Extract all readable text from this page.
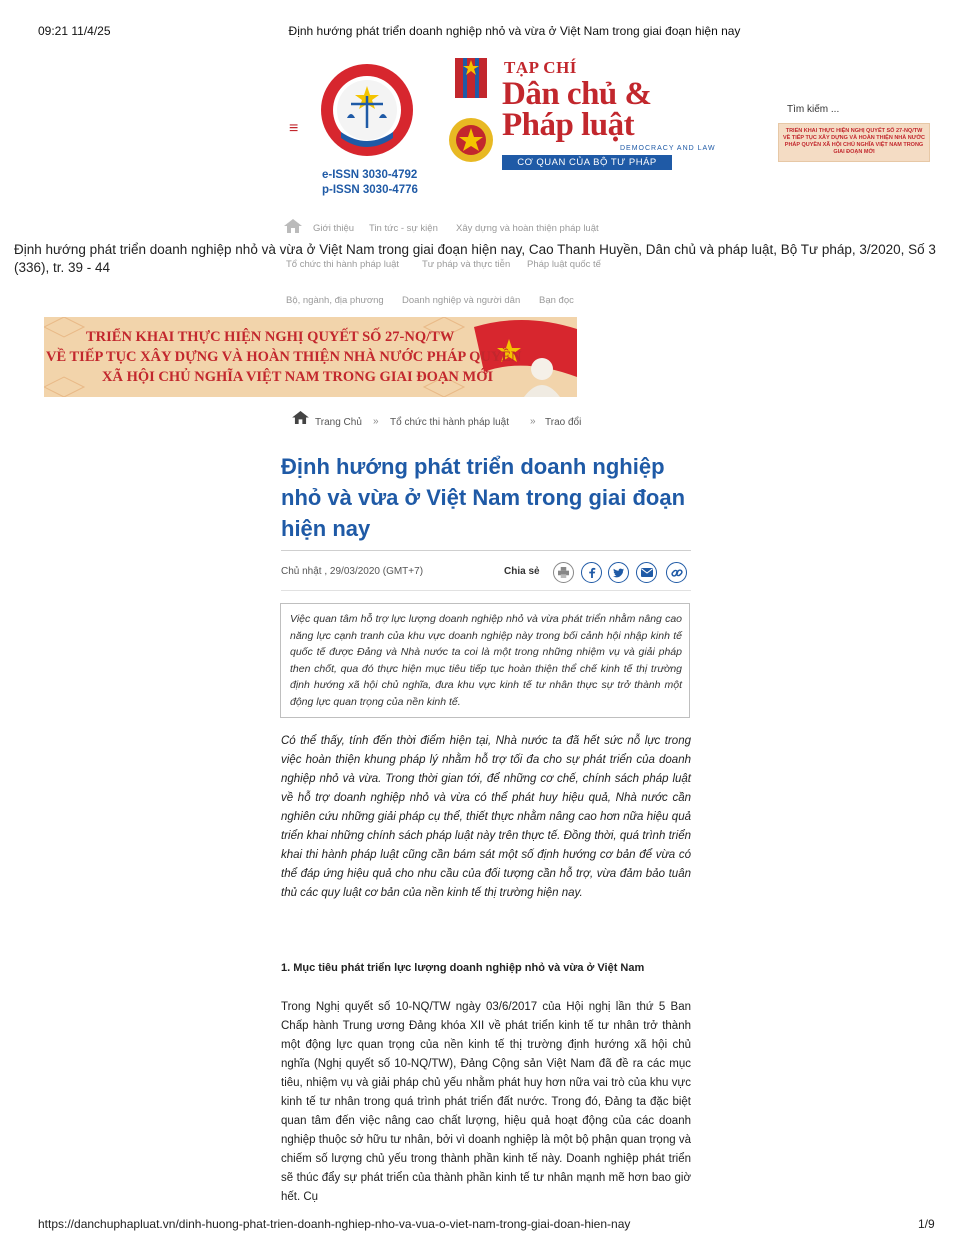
09:21 11/4/25	Định hướng phát triển doanh nghiệp nhỏ và vừa ở Việt Nam trong giai đoạn hiện nay
https://danchuphapluat.vn/dinh-huong-phat-trien-doanh-nghiep-nho-va-vua-o-viet-nam-trong-giai-doan-hien-nay	1/9
≡
e-ISSN 3030-4792
p-ISSN 3030-4776
TẠP CHÍ
Dân chủ &
Pháp luật
DEMOCRACY AND LAW
CƠ QUAN CỦA BỘ TƯ PHÁP
Tìm kiếm ...
TRIỂN KHAI THỰC HIỆN NGHỊ QUYẾT SỐ 27-NQ/TW VỀ TIẾP TỤC XÂY DỰNG VÀ HOÀN THIỆN NHÀ NƯỚC PHÁP QUYỀN XÃ HỘI CHỦ NGHĨA VIỆT NAM TRONG GIAI ĐOẠN MỚI
Giới thiệu Tin tức - sự kiện Xây dựng và hoàn thiện pháp luật
Tổ chức thi hành pháp luật Tư pháp và thực tiễn Pháp luật quốc tế
Bộ, ngành, địa phương Doanh nghiệp và người dân Bạn đọc
Định hướng phát triển doanh nghiệp nhỏ và vừa ở Việt Nam trong giai đoạn hiện nay, Cao Thanh Huyền, Dân chủ và pháp luật, Bộ Tư pháp, 3/2020, Số 3 (336), tr. 39 - 44
TRIỂN KHAI THỰC HIỆN NGHỊ QUYẾT SỐ 27-NQ/TW
VỀ TIẾP TỤC XÂY DỰNG VÀ HOÀN THIỆN NHÀ NƯỚC PHÁP QUYỀN
XÃ HỘI CHỦ NGHĨA VIỆT NAM TRONG GIAI ĐOẠN MỚI
Trang Chủ » Tổ chức thi hành pháp luật » Trao đổi
Định hướng phát triển doanh nghiệp nhỏ và vừa ở Việt Nam trong giai đoạn hiện nay
Chủ nhật , 29/03/2020 (GMT+7)	Chia sẻ
Việc quan tâm hỗ trợ lực lượng doanh nghiệp nhỏ và vừa phát triển nhằm nâng cao năng lực cạnh tranh của khu vực doanh nghiệp này trong bối cảnh hội nhập kinh tế quốc tế được Đảng và Nhà nước ta coi là một trong những nhiệm vụ và giải pháp then chốt, qua đó thực hiện mục tiêu tiếp tục hoàn thiện thể chế kinh tế thị trường định hướng xã hội chủ nghĩa, đưa khu vực kinh tế tư nhân thực sự trở thành một động lực quan trọng của nền kinh tế.
Có thể thấy, tính đến thời điểm hiện tại, Nhà nước ta đã hết sức nỗ lực trong việc hoàn thiện khung pháp lý nhằm hỗ trợ tối đa cho sự phát triển của doanh nghiệp nhỏ và vừa. Trong thời gian tới, để những cơ chế, chính sách pháp luật về hỗ trợ doanh nghiệp nhỏ và vừa có thể phát huy hiệu quả, Nhà nước cần nghiên cứu những giải pháp cụ thể, thiết thực nhằm nâng cao hơn nữa hiệu quả triển khai những chính sách pháp luật này trên thực tế. Đồng thời, quá trình triển khai thi hành pháp luật cũng cần bám sát một số định hướng cơ bản để vừa có thể đáp ứng hiệu quả cho nhu cầu của đối tượng cần hỗ trợ, vừa đảm bảo tuân thủ các quy luật cơ bản của nền kinh tế thị trường hiện nay.
1. Mục tiêu phát triển lực lượng doanh nghiệp nhỏ và vừa ở Việt Nam
Trong Nghị quyết số 10-NQ/TW ngày 03/6/2017 của Hội nghị lần thứ 5 Ban Chấp hành Trung ương Đảng khóa XII về phát triển kinh tế tư nhân trở thành một động lực quan trọng của nền kinh tế thị trường định hướng xã hội chủ nghĩa (Nghị quyết số 10-NQ/TW), Đảng Cộng sản Việt Nam đã đề ra các mục tiêu, nhiệm vụ và giải pháp chủ yếu nhằm phát huy hơn nữa vai trò của khu vực kinh tế tư nhân trong quá trình phát triển đất nước. Trong đó, Đảng ta đặc biệt quan tâm đến việc nâng cao chất lượng, hiệu quả hoạt động của các doanh nghiệp thuộc sở hữu tư nhân, bởi vì doanh nghiệp là một bộ phận quan trọng và chiếm số lượng chủ yếu trong thành phần kinh tế này. Doanh nghiệp phát triển sẽ thúc đẩy sự phát triển của thành phần kinh tế tư nhân mạnh mẽ hơn bao giờ hết. Cụ
